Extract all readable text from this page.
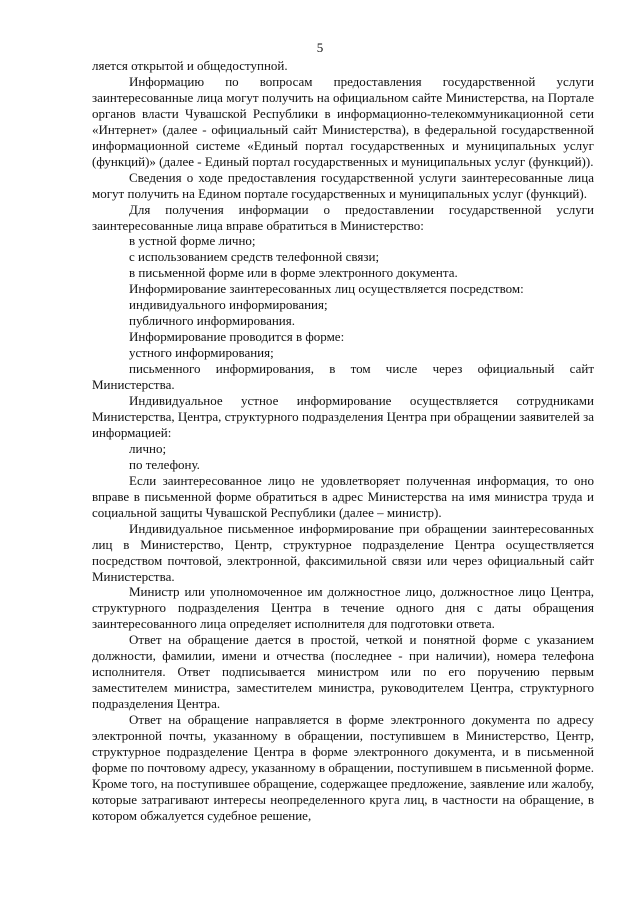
5

ляется открытой и общедоступной.

Информацию по вопросам предоставления государственной услуги заинтересованные лица могут получить на официальном сайте Министерства, на Портале органов власти Чувашской Республики в информационно-телекоммуникационной сети «Интернет» (далее - официальный сайт Министерства), в федеральной государственной информационной системе «Единый портал государственных и муниципальных услуг (функций)» (далее - Единый портал государственных и муниципальных услуг (функций)).

Сведения о ходе предоставления государственной услуги заинтересованные лица могут получить на Едином портале государственных и муниципальных услуг (функций).

Для получения информации о предоставлении государственной услуги заинтересованные лица вправе обратиться в Министерство:

в устной форме лично;

с использованием средств телефонной связи;

в письменной форме или в форме электронного документа.

Информирование заинтересованных лиц осуществляется посредством:

индивидуального информирования;

публичного информирования.

Информирование проводится в форме:

устного информирования;

письменного информирования, в том числе через официальный сайт Министерства.

Индивидуальное устное информирование осуществляется сотрудниками Министерства, Центра, структурного подразделения Центра при обращении заявителей за информацией:

лично;

по телефону.

Если заинтересованное лицо не удовлетворяет полученная информация, то оно вправе в письменной форме обратиться в адрес Министерства на имя министра труда и социальной защиты Чувашской Республики (далее – министр).

Индивидуальное письменное информирование при обращении заинтересованных лиц в Министерство, Центр, структурное подразделение Центра осуществляется посредством почтовой, электронной, факсимильной связи или через официальный сайт Министерства.

Министр или уполномоченное им должностное лицо, должностное лицо Центра, структурного подразделения Центра в течение одного дня с даты обращения заинтересованного лица определяет исполнителя для подготовки ответа.

Ответ на обращение дается в простой, четкой и понятной форме с указанием должности, фамилии, имени и отчества (последнее - при наличии), номера телефона исполнителя. Ответ подписывается министром или по его поручению первым заместителем министра, заместителем министра, руководителем Центра, структурного подразделения Центра.

Ответ на обращение направляется в форме электронного документа по адресу электронной почты, указанному в обращении, поступившем в Министерство, Центр, структурное подразделение Центра в форме электронного документа, и в письменной форме по почтовому адресу, указанному в обращении, поступившем в письменной форме. Кроме того, на поступившее обращение, содержащее предложение, заявление или жалобу, которые затрагивают интересы неопределенного круга лиц, в частности на обращение, в котором обжалуется судебное решение,
